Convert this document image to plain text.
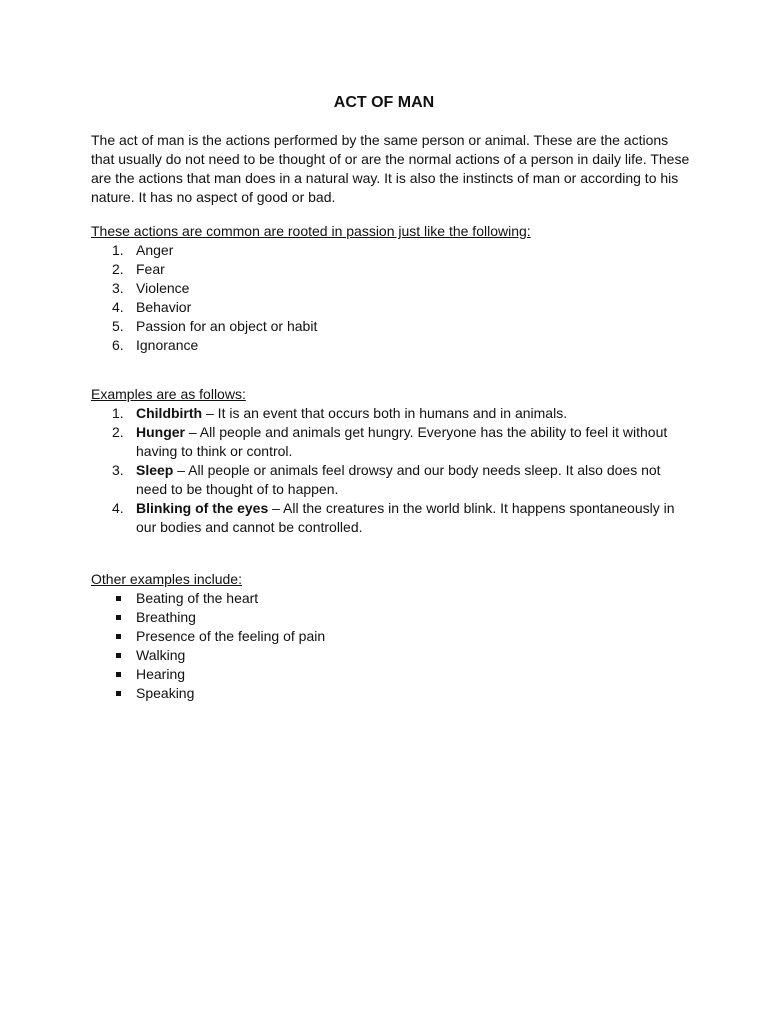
ACT OF MAN

The act of man is the actions performed by the same person or animal. These are the actions that usually do not need to be thought of or are the normal actions of a person in daily life. These are the actions that man does in a natural way. It is also the instincts of man or according to his nature. It has no aspect of good or bad.

These actions are common are rooted in passion just like the following:

1. Anger
2. Fear
3. Violence
4. Behavior
5. Passion for an object or habit
6. Ignorance

Examples are as follows:

1. Childbirth – It is an event that occurs both in humans and in animals.
2. Hunger – All people and animals get hungry. Everyone has the ability to feel it without having to think or control.
3. Sleep – All people or animals feel drowsy and our body needs sleep. It also does not need to be thought of to happen.
4. Blinking of the eyes – All the creatures in the world blink. It happens spontaneously in our bodies and cannot be controlled.

Other examples include:

Beating of the heart
Breathing
Presence of the feeling of pain
Walking
Hearing
Speaking
